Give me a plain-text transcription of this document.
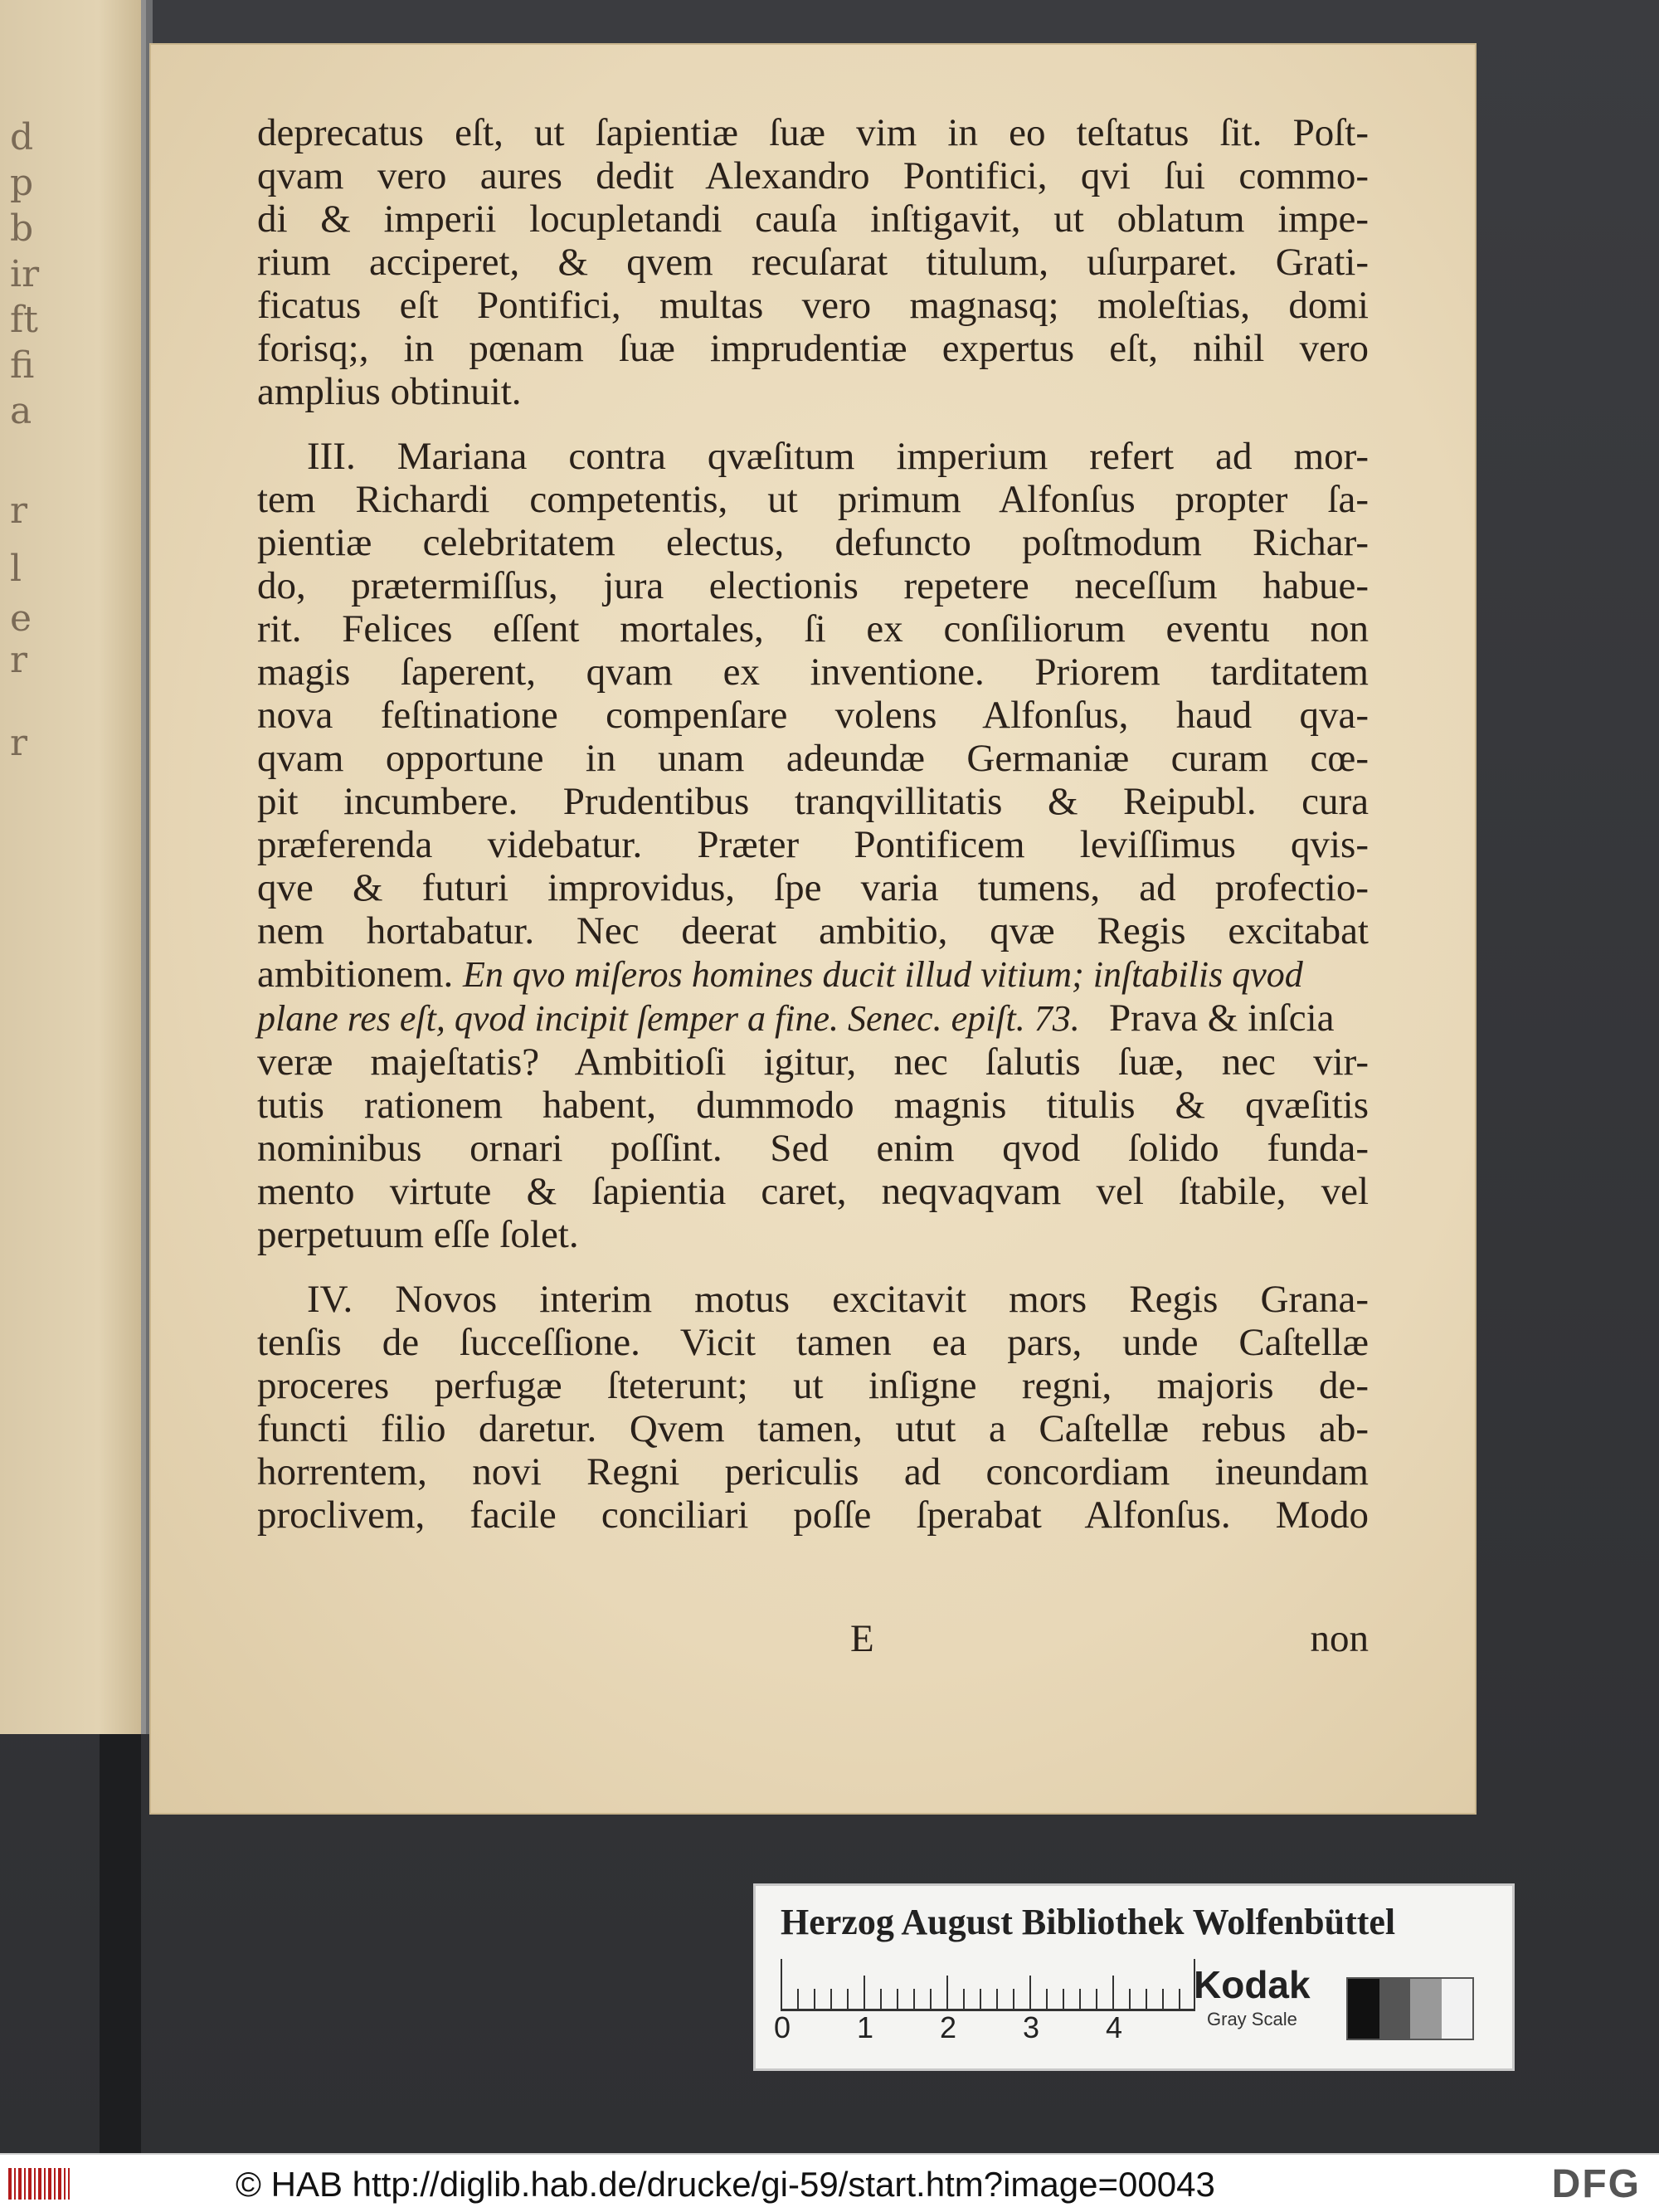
d
p
b
ir
ft
fi
a
r
l
e
r
r
deprecatus eſt, ut ſapientiæ ſuæ vim in eo teſtatus ſit. Poſt-
qvam vero aures dedit Alexandro Pontifici, qvi ſui commo-
di & imperii locupletandi cauſa inſtigavit, ut oblatum impe-
rium acciperet, & qvem recuſarat titulum, uſurparet. Grati-
ficatus eſt Pontifici, multas vero magnasq; moleſtias, domi
forisq;, in pœnam ſuæ imprudentiæ expertus eſt, nihil vero
amplius obtinuit.
III. Mariana contra qvæſitum imperium refert ad mor-
tem Richardi competentis, ut primum Alfonſus propter ſa-
pientiæ celebritatem electus, defuncto poſtmodum Richar-
do, prætermiſſus, jura electionis repetere neceſſum habue-
rit. Felices eſſent mortales, ſi ex conſiliorum eventu non
magis ſaperent, qvam ex inventione. Priorem tarditatem
nova feſtinatione compenſare volens Alfonſus, haud qva-
qvam opportune in unam adeundæ Germaniæ curam cœ-
pit incumbere. Prudentibus tranqvillitatis & Reipubl. cura
præferenda videbatur. Præter Pontificem leviſſimus qvis-
qve & futuri improvidus, ſpe varia tumens, ad profectio-
nem hortabatur. Nec deerat ambitio, qvæ Regis excitabat
ambitionem. En qvo miſeros homines ducit illud vitium; inſtabilis qvod
plane res eſt, qvod incipit ſemper a fine. Senec. epiſt. 73. Prava & inſcia
veræ majeſtatis? Ambitioſi igitur, nec ſalutis ſuæ, nec vir-
tutis rationem habent, dummodo magnis titulis & qvæſitis
nominibus ornari poſſint. Sed enim qvod ſolido funda-
mento virtute & ſapientia caret, neqvaqvam vel ſtabile, vel
perpetuum eſſe ſolet.
IV. Novos interim motus excitavit mors Regis Grana-
tenſis de ſucceſſione. Vicit tamen ea pars, unde Caſtellæ
proceres perfugæ ſteterunt; ut inſigne regni, majoris de-
functi filio daretur. Qvem tamen, utut a Caſtellæ rebus ab-
horrentem, novi Regni periculis ad concordiam ineundam
proclivem, facile conciliari poſſe ſperabat Alfonſus. Modo
E	non
Herzog August Bibliothek Wolfenbüttel
0 1 2 3 4
Kodak
Gray Scale
© HAB http://diglib.hab.de/drucke/gi-59/start.htm?image=00043	DFG
